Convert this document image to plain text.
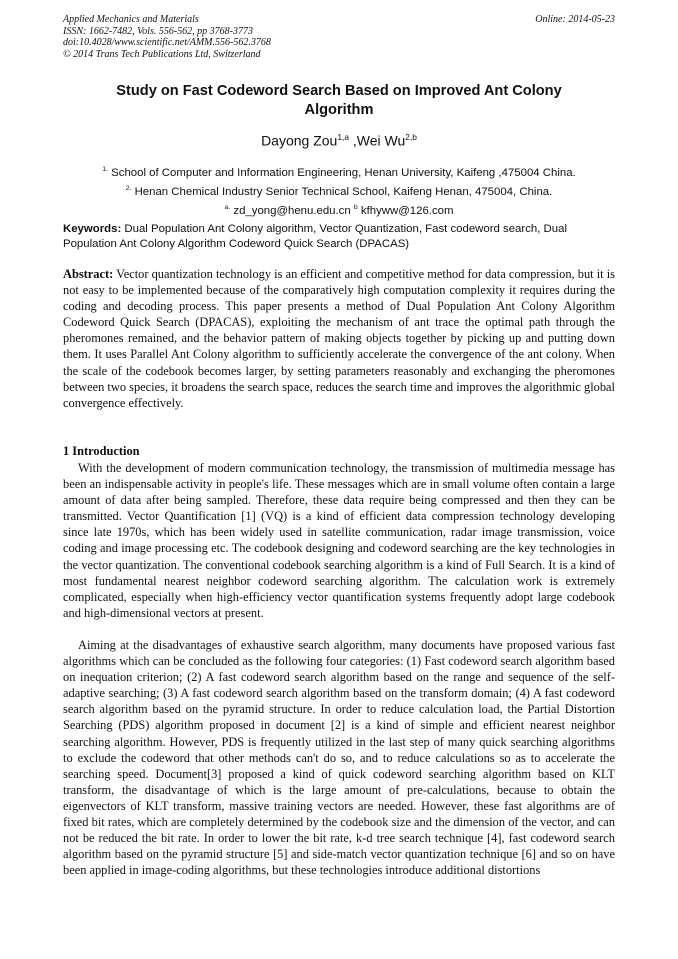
Applied Mechanics and Materials
ISSN: 1662-7482, Vols. 556-562, pp 3768-3773
doi:10.4028/www.scientific.net/AMM.556-562.3768
© 2014 Trans Tech Publications Ltd, Switzerland
Online: 2014-05-23
Study on Fast Codeword Search Based on Improved Ant Colony
Algorithm
Dayong Zou$^{1,a}$ ,Wei Wu$^{2,b}$
$^{1.}$ School of Computer and Information Engineering, Henan University, Kaifeng ,475004 China.
$^{2.}$ Henan Chemical Industry Senior Technical School, Kaifeng Henan, 475004, China.
$^{a.}$ zd_yong@henu.edu.cn $^b$ kfhyww@126.com
Keywords: Dual Population Ant Colony algorithm, Vector Quantization, Fast codeword search, Dual Population Ant Colony Algorithm Codeword Quick Search (DPACAS)
Abstract: Vector quantization technology is an efficient and competitive method for data compression, but it is not easy to be implemented because of the comparatively high computation complexity it requires during the coding and decoding process. This paper presents a method of Dual Population Ant Colony Algorithm Codeword Quick Search (DPACAS), exploiting the mechanism of ant trace the optimal path through the pheromones remained, and the behavior pattern of making objects together by picking up and putting down them. It uses Parallel Ant Colony algorithm to sufficiently accelerate the convergence of the ant colony. When the scale of the codebook becomes larger, by setting parameters reasonably and exchanging the pheromones between two species, it broadens the search space, reduces the search time and improves the algorithmic global convergence effectively.
1 Introduction
With the development of modern communication technology, the transmission of multimedia message has been an indispensable activity in people's life. These messages which are in small volume often contain a large amount of data after being sampled. Therefore, these data require being compressed and then they can be transmitted. Vector Quantification [1] (VQ) is a kind of efficient data compression technology developing since late 1970s, which has been widely used in satellite communication, radar image transmission, voice coding and image processing etc. The codebook designing and codeword searching are the key technologies in the vector quantization. The conventional codebook searching algorithm is a kind of Full Search. It is a kind of most fundamental nearest neighbor codeword searching algorithm. The calculation work is extremely complicated, especially when high-efficiency vector quantification systems frequently adopt large codebook and high-dimensional vectors at present.
Aiming at the disadvantages of exhaustive search algorithm, many documents have proposed various fast algorithms which can be concluded as the following four categories: (1) Fast codeword search algorithm based on inequation criterion; (2) A fast codeword search algorithm based on the range and sequence of the self-adaptive searching; (3) A fast codeword search algorithm based on the transform domain; (4) A fast codeword search algorithm based on the pyramid structure. In order to reduce calculation load, the Partial Distortion Searching (PDS) algorithm proposed in document [2] is a kind of simple and efficient nearest neighbor searching algorithm. However, PDS is frequently utilized in the last step of many quick searching algorithms to exclude the codeword that other methods can't do so, and to reduce calculations so as to accelerate the searching speed. Document[3] proposed a kind of quick codeword searching algorithm based on KLT transform, the disadvantage of which is the large amount of pre-calculations, because to obtain the eigenvectors of KLT transform, massive training vectors are needed. However, these fast algorithms are of fixed bit rates, which are completely determined by the codebook size and the dimension of the vector, and can not be reduced the bit rate. In order to lower the bit rate, k-d tree search technique [4], fast codeword search algorithm based on the pyramid structure [5] and side-match vector quantization technique [6] and so on have been applied in image-coding algorithms, but these technologies introduce additional distortions
